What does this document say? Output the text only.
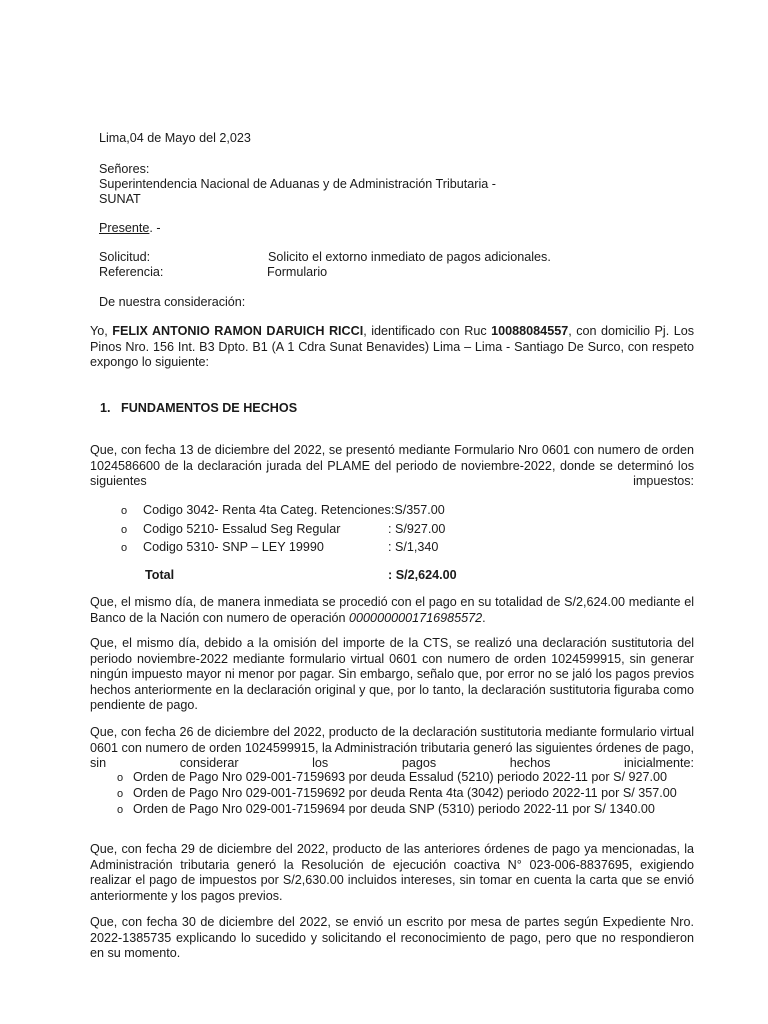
Lima,04 de Mayo del 2,023
Señores:
Superintendencia Nacional de Aduanas y de Administración Tributaria -
SUNAT
Presente. -
Solicitud:	Solicito el extorno inmediato de pagos adicionales.
Referencia:	Formulario
De nuestra consideración:
Yo, FELIX ANTONIO RAMON DARUICH RICCI, identificado con Ruc 10088084557, con domicilio Pj. Los Pinos Nro. 156 Int. B3 Dpto. B1 (A 1 Cdra Sunat Benavides) Lima – Lima - Santiago De Surco, con respeto expongo lo siguiente:
1.   FUNDAMENTOS DE HECHOS
Que, con fecha 13 de diciembre del 2022, se presentó mediante Formulario Nro 0601 con numero de orden 1024586600 de la declaración jurada del PLAME del periodo de noviembre-2022, donde se determinó los siguientes impuestos:
o Codigo 3042- Renta 4ta Categ. Retenciones:S/357.00
o Codigo 5210- Essalud Seg Regular	: S/927.00
o Codigo 5310- SNP – LEY 19990	: S/1,340
Total	: S/2,624.00
Que, el mismo día, de manera inmediata se procedió con el pago en su totalidad de S/2,624.00 mediante el Banco de la Nación con numero de operación 0000000001716985572.
Que, el mismo día, debido a la omisión del importe de la CTS, se realizó una declaración sustitutoria del periodo noviembre-2022 mediante formulario virtual 0601 con numero de orden 1024599915, sin generar ningún impuesto mayor ni menor por pagar. Sin embargo, señalo que, por error no se jaló los pagos previos hechos anteriormente en la declaración original y que, por lo tanto, la declaración sustitutoria figuraba como pendiente de pago.
Que, con fecha 26 de diciembre del 2022, producto de la declaración sustitutoria mediante formulario virtual 0601 con numero de orden 1024599915, la Administración tributaria generó las siguientes órdenes de pago, sin considerar los pagos hechos inicialmente:
o Orden de Pago Nro 029-001-7159693 por deuda Essalud (5210) periodo 2022-11 por S/ 927.00
o Orden de Pago Nro 029-001-7159692 por deuda Renta 4ta (3042) periodo 2022-11 por S/ 357.00
o Orden de Pago Nro 029-001-7159694 por deuda SNP (5310) periodo 2022-11 por S/ 1340.00
Que, con fecha 29 de diciembre del 2022, producto de las anteriores órdenes de pago ya mencionadas, la Administración tributaria generó la Resolución de ejecución coactiva N° 023-006-8837695, exigiendo realizar el pago de impuestos por S/2,630.00 incluidos intereses, sin tomar en cuenta la carta que se envió anteriormente y los pagos previos.
Que, con fecha 30 de diciembre del 2022, se envió un escrito por mesa de partes según Expediente Nro. 2022-1385735 explicando lo sucedido y solicitando el reconocimiento de pago, pero que no respondieron en su momento.
